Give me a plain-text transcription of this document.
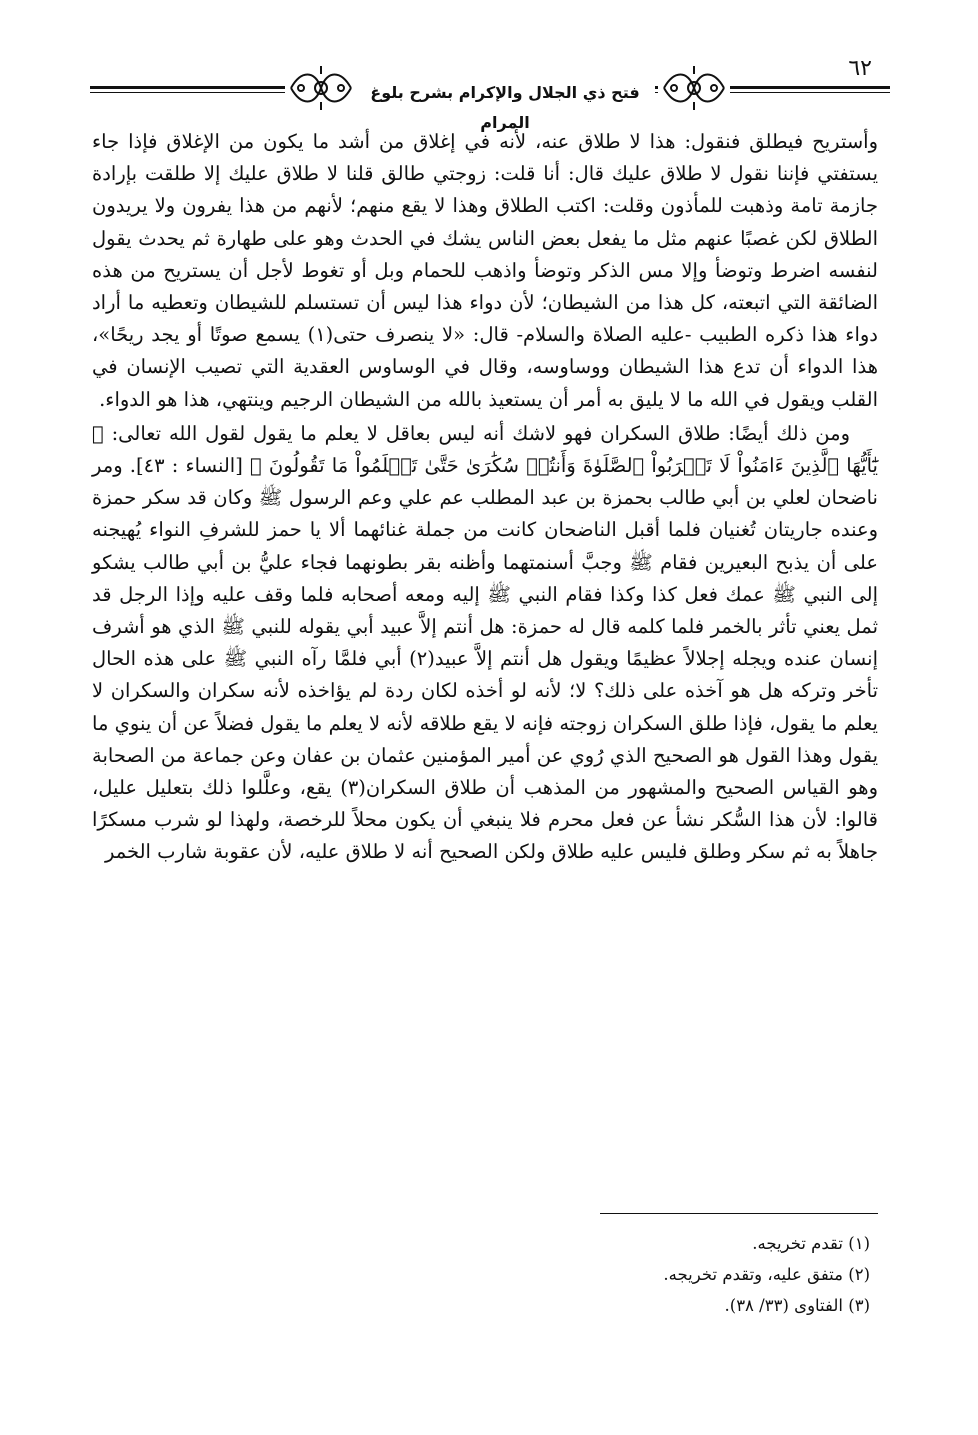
فتح ذي الجلال والإكرام بشرح بلوغ المرام
٦٢

وأستريح فيطلق فنقول: هذا لا طلاق عنه، لأنه في إغلاق من أشد ما يكون من الإغلاق فإذا جاء يستفتي فإننا نقول لا طلاق عليك قال: أنا قلت: زوجتي طالق قلنا لا طلاق عليك إلا طلقت بإرادة جازمة تامة وذهبت للمأذون وقلت: اكتب الطلاق وهذا لا يقع منهم؛ لأنهم من هذا يفرون ولا يريدون الطلاق لكن غصبًا عنهم مثل ما يفعل بعض الناس يشك في الحدث وهو على طهارة ثم يحدث يقول لنفسه اضرط وتوضأ وإلا مس الذكر وتوضأ واذهب للحمام وبل أو تغوط لأجل أن يستريح من هذه الضائقة التي اتبعته، كل هذا من الشيطان؛ لأن دواء هذا ليس أن تستسلم للشيطان وتعطيه ما أراد دواء هذا ذكره الطبيب -عليه الصلاة والسلام- قال: «لا ينصرف حتى(١) يسمع صوتًا أو يجد ريحًا»، هذا الدواء أن تدع هذا الشيطان ووساوسه، وقال في الوساوس العقدية التي تصيب الإنسان في القلب ويقول في الله ما لا يليق به أمر أن يستعيذ بالله من الشيطان الرجيم وينتهي، هذا هو الدواء.

ومن ذلك أيضًا: طلاق السكران فهو لاشك أنه ليس بعاقل لا يعلم ما يقول لقول الله تعالى: ﴿ يَٰٓأَيُّهَا ٱلَّذِينَ ءَامَنُواْ لَا تَقۡرَبُواْ ٱلصَّلَوٰةَ وَأَنتُمۡ سُكَٰرَىٰ حَتَّىٰ تَعۡلَمُواْ مَا تَقُولُونَ ﴾ [النساء : ٤٣]. ومر ناضحان لعلي بن أبي طالب بحمزة بن عبد المطلب عم علي وعم الرسول ﷺ وكان قد سكر حمزة وعنده جاريتان تُغنيان فلما أقبل الناضحان كانت من جملة غنائهما ألا يا حمز للشرفِ النواء يُهيجنه على أن يذبح البعيرين فقام ﷺ وجبَّ أسنمتهما وأظنه بقر بطونهما فجاء عليُّ بن أبي طالب يشكو إلى النبي ﷺ عمك فعل كذا وكذا فقام النبي ﷺ إليه ومعه أصحابه فلما وقف عليه وإذا الرجل قد ثمل يعني تأثر بالخمر فلما كلمه قال له حمزة: هل أنتم إلاَّ عبيد أبي يقوله للنبي ﷺ الذي هو أشرف إنسان عنده ويجله إجلالاً عظيمًا ويقول هل أنتم إلاَّ عبيد(٢) أبي فلمَّا رآه النبي ﷺ على هذه الحال تأخر وتركه هل هو آخذه على ذلك؟ لا؛ لأنه لو أخذه لكان ردة لم يؤاخذه لأنه سكران والسكران لا يعلم ما يقول، فإذا طلق السكران زوجته فإنه لا يقع طلاقه لأنه لا يعلم ما يقول فضلاً عن أن ينوي ما يقول وهذا القول هو الصحيح الذي رُوي عن أمير المؤمنين عثمان بن عفان وعن جماعة من الصحابة وهو القياس الصحيح والمشهور من المذهب أن طلاق السكران(٣) يقع، وعلَّلوا ذلك بتعليل عليل، قالوا: لأن هذا السُّكر نشأ عن فعل محرم فلا ينبغي أن يكون محلاً للرخصة، ولهذا لو شرب مسكرًا جاهلاً به ثم سكر وطلق فليس عليه طلاق ولكن الصحيح أنه لا طلاق عليه، لأن عقوبة شارب الخمر

(١) تقدم تخريجه.

(٢) متفق عليه، وتقدم تخريجه.

(٣) الفتاوى (٣٣/ ٣٨).
